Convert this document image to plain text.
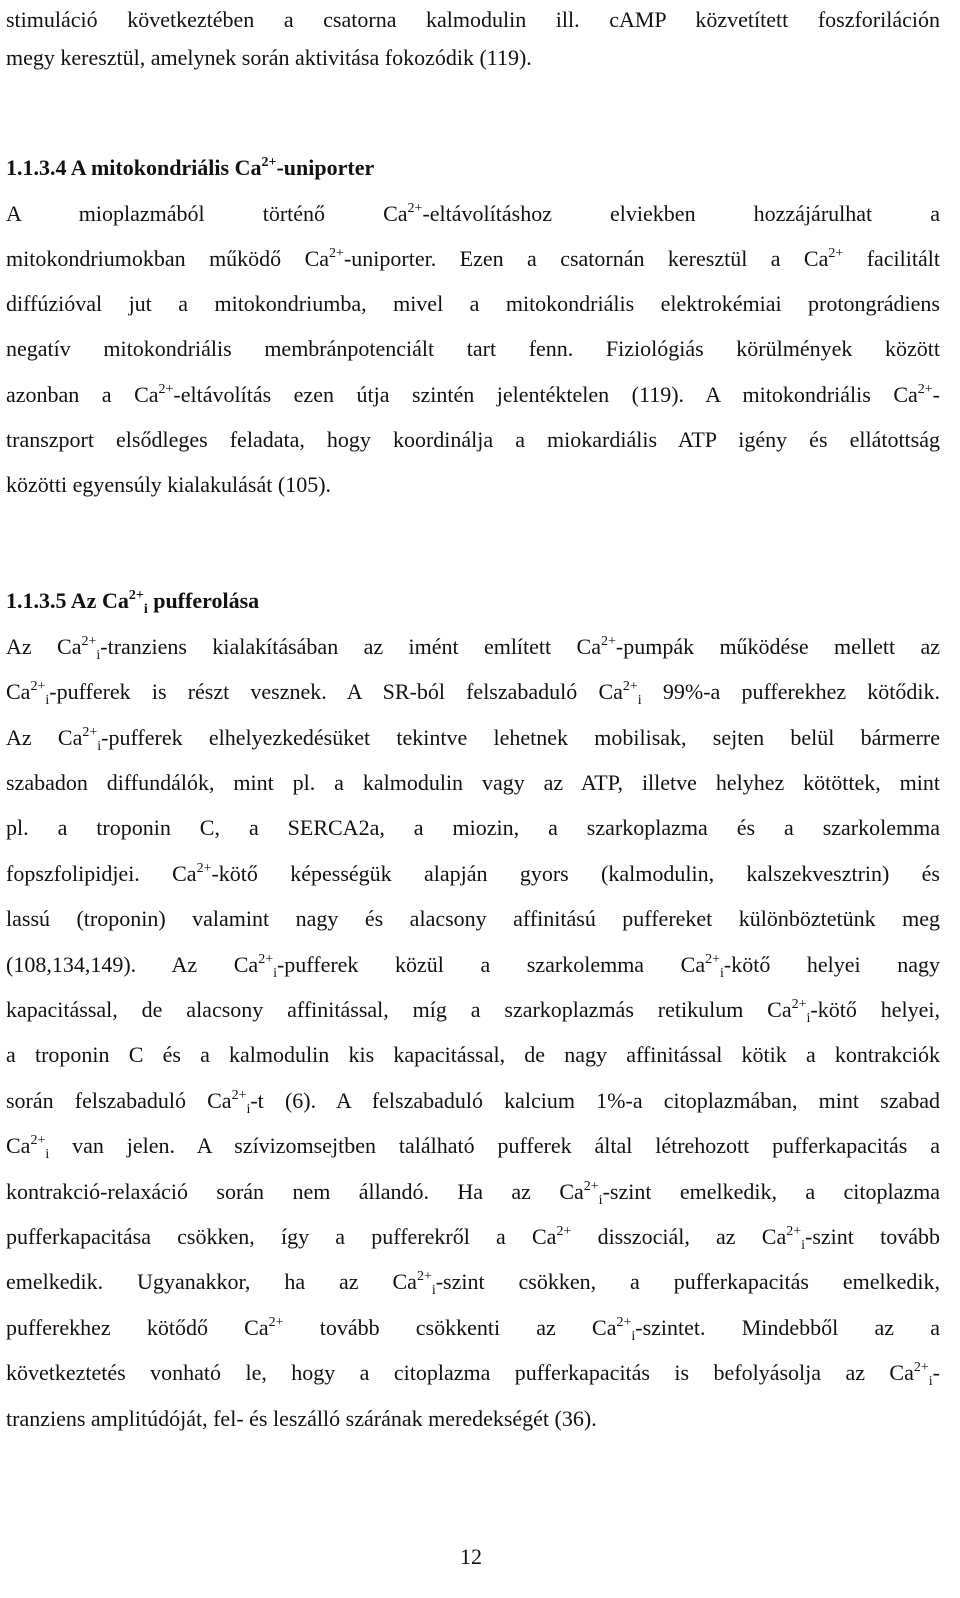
stimuláció következtében a csatorna kalmodulin ill. cAMP közvetített foszforiláción
megy keresztül, amelynek során aktivitása fokozódik (119).
1.1.3.4 A mitokondriális $Ca^{2+}$-uniporter
A mioplazmából történő $Ca^{2+}$-eltávolításhoz elviekben hozzájárulhat a
mitokondriumokban működő $Ca^{2+}$-uniporter. Ezen a csatornán keresztül a $Ca^{2+}$ facilitált
diffúzióval jut a mitokondriumba, mivel a mitokondriális elektrokémiai protongrádiens
negatív mitokondriális membránpotenciált tart fenn. Fiziológiás körülmények között
azonban a $Ca^{2+}$-eltávolítás ezen útja szintén jelentéktelen (119). A mitokondriális $Ca^{2+}-$
transzport elsődleges feladata, hogy koordinálja a miokardiális ATP igény és ellátottság
közötti egyensúly kialakulását (105).
1.1.3.5 Az $Ca^{2+}_i$ pufferolása
Az $Ca^{2+}_i$-tranziens kialakításában az imént említett $Ca^{2+}$-pumpák működése mellett az
$Ca^{2+}_i$-pufferek is részt vesznek. A SR-ból felszabaduló $Ca^{2+}_i$ 99%-a pufferekhez kötődik.
Az $Ca^{2+}_i$-pufferek elhelyezkedésüket tekintve lehetnek mobilisak, sejten belül bármerre
szabadon diffundálók, mint pl. a kalmodulin vagy az ATP, illetve helyhez kötöttek, mint
pl. a troponin C, a SERCA2a, a miozin, a szarkoplazma és a szarkolemma
fopszfolipidjei. $Ca^{2+}$-kötő képességük alapján gyors (kalmodulin, kalszekvesztrin) és
lassú (troponin) valamint nagy és alacsony affinitású puffereket különböztetünk meg
(108,134,149). Az $Ca^{2+}_i$-pufferek közül a szarkolemma $Ca^{2+}_i$-kötő helyei nagy
kapacitással, de alacsony affinitással, míg a szarkoplazmás retikulum $Ca^{2+}_i$-kötő helyei,
a troponin C és a kalmodulin kis kapacitással, de nagy affinitással kötik a kontrakciók
során felszabaduló $Ca^{2+}_i-t$ (6). A felszabaduló kalcium 1%-a citoplazmában, mint szabad
$Ca^{2+}_i$ van jelen. A szívizomsejtben található pufferek által létrehozott pufferkapacitás a
kontrakció-relaxáció során nem állandó. Ha az $Ca^{2+}_i$-szint emelkedik, a citoplazma
pufferkapacitása csökken, így a pufferekről a $Ca^{2+}$ disszociál, az $Ca^{2+}_i$-szint tovább
emelkedik. Ugyanakkor, ha az $Ca^{2+}_i$-szint csökken, a pufferkapacitás emelkedik,
pufferekhez kötődő $Ca^{2+}$ tovább csökkenti az $Ca^{2+}_i$-szintet. Mindebből az a
következtetés vonható le, hogy a citoplazma pufferkapacitás is befolyásolja az $Ca^{2+}_i-$
tranziens amplitúdóját, fel- és leszálló szárának meredekségét (36).
12
